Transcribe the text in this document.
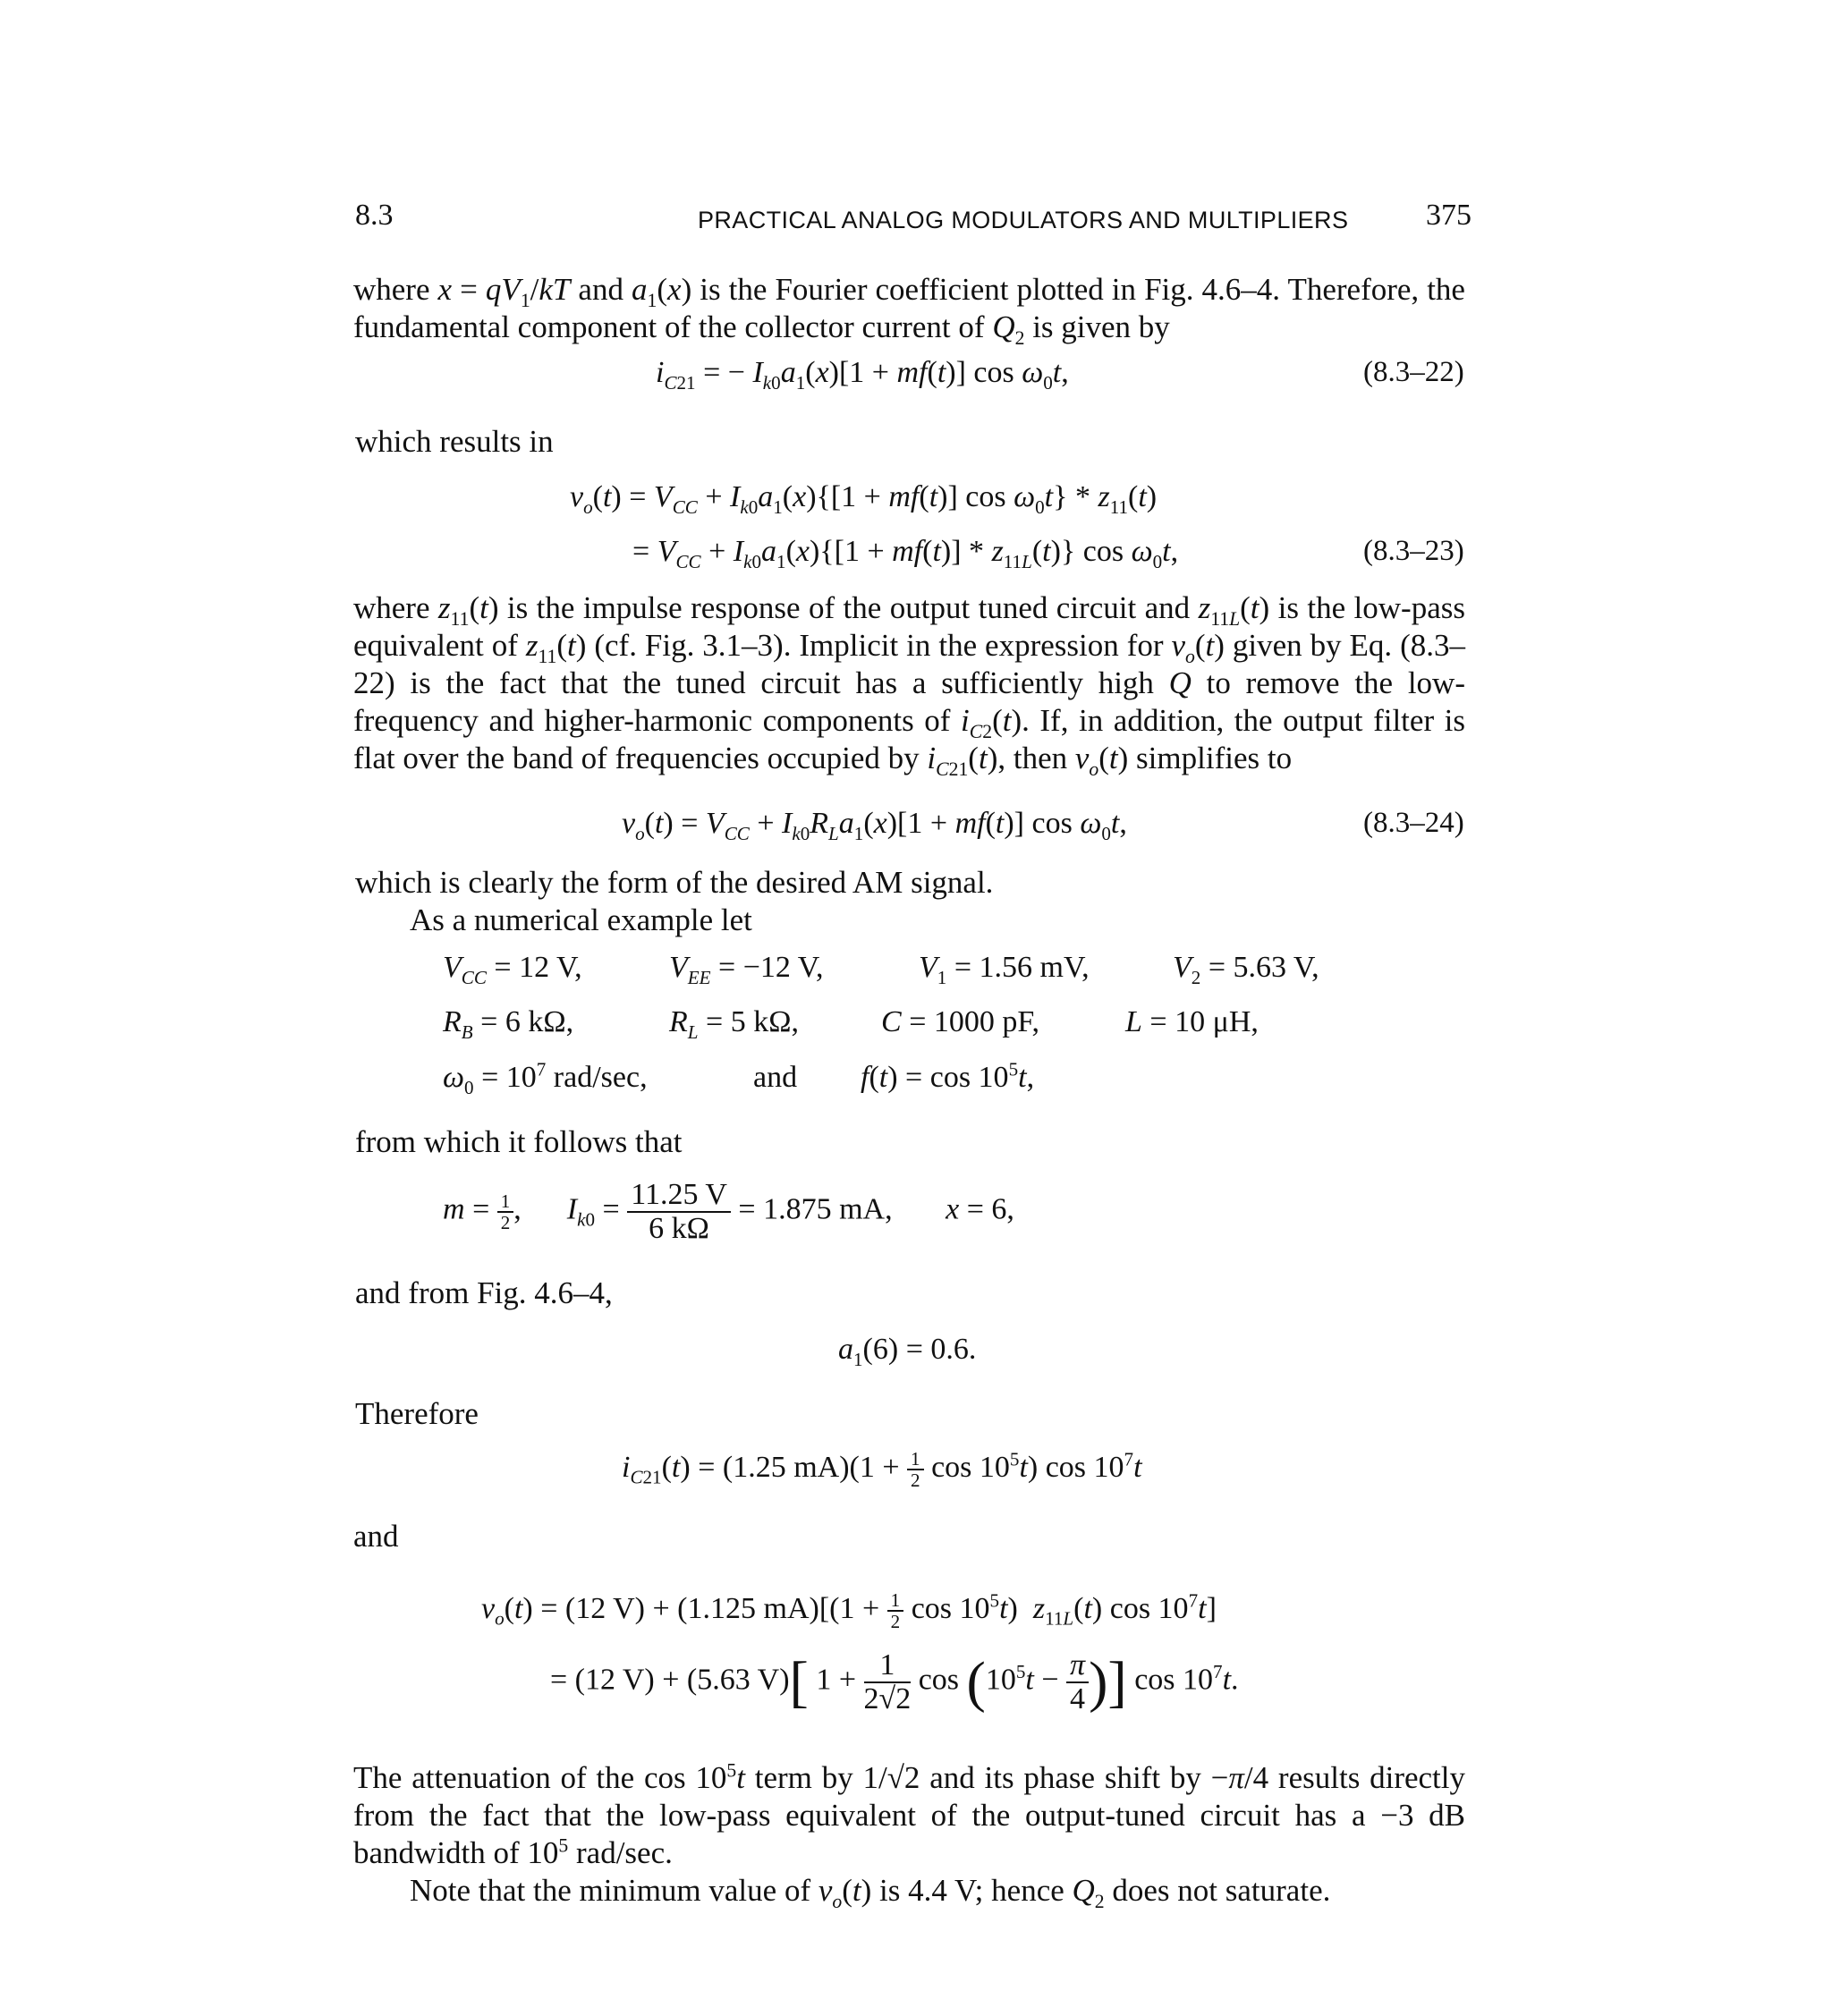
8.3	PRACTICAL ANALOG MODULATORS AND MULTIPLIERS	375
where $x = qV_1/kT$ and $a_1(x)$ is the Fourier coefficient plotted in Fig. 4.6–4. Therefore, the fundamental component of the collector current of $Q_2$ is given by
$i_{C21}$ = − $I_{k0}a_1(x)[1 + mf(t)]$ $\cos \omega_0t$,	(8.3–22)
which results in
$v_o(t) = V_{CC} + I_{k0}a_1(x)\{[1 + mf(t)]$ $\cos \omega_0t\} * z_{11}(t)$
= $V_{CC} + I_{k0}a_1(x)\{[1 + mf(t)] * z_{11L}(t)\}$ $\cos \omega_0t$,	(8.3–23)
where $z_{11}(t)$ is the impulse response of the output tuned circuit and $z_{11L}(t)$ is the low-pass equivalent of $z_{11}(t)$ (cf. Fig. 3.1–3). Implicit in the expression for $v_o(t)$ given by Eq. (8.3–22) is the fact that the tuned circuit has a sufficiently high Q to remove the low-frequency and higher-harmonic components of $i_{C2}(t)$. If, in addition, the output filter is flat over the band of frequencies occupied by $i_{C21}(t)$, then $v_o(t)$ simplifies to
$v_o(t) = V_{CC} + I_{k0}R_La_1(x)[1 + mf(t)]$ $\cos \omega_0t$,	(8.3–24)
which is clearly the form of the desired AM signal.
As a numerical example let
$V_{CC} = 12$ V,	$V_{EE} = -12$ V,	$V_1 = 1.56$ mV,	$V_2 = 5.63$ V,
$R_B = 6$ kΩ,	$R_L = 5$ kΩ,	C = 1000 pF,	L = 10 μH,
$\omega_0 = 10^7$ rad/sec,	and $f(t) = \cos 10^5t$,
from which it follows that
$m = \frac{1}{2}$ ,      $I_{k0} = \frac{11.25 V}{6 k\Omega} = 1.875$ mA, x = 6,
and from Fig. 4.6–4,
$a_1(6) = 0.6$.
Therefore
$i_{C21}(t) = (1.25$ $mA)(1 + \frac{1}{2}$ $\cos 10^5t$) $\cos 10^7t$
and
$v_o(t) = (12$ V) + (1.125 $mA)[(1 + \frac{1}{2}$ $\cos 10^5t$)  $z_{11L}(t)$ $\cos 10^7t$]
= (12 V) + (5.63 V)[ $1 + \frac{1}{2√2}$ $\cos (10^5t - \frac{\pi}{4}$ )] $\cos 10^7t$.
The attenuation of the $\cos 10^5t$ term by 1/√2 and its phase shift by −π/4 results directly from the fact that the low-pass equivalent of the output-tuned circuit has a −3 dB bandwidth of $10^5$ rad/sec.
Note that the minimum value of $v_o(t)$ is 4.4 V; hence $Q_2$ does not saturate.
